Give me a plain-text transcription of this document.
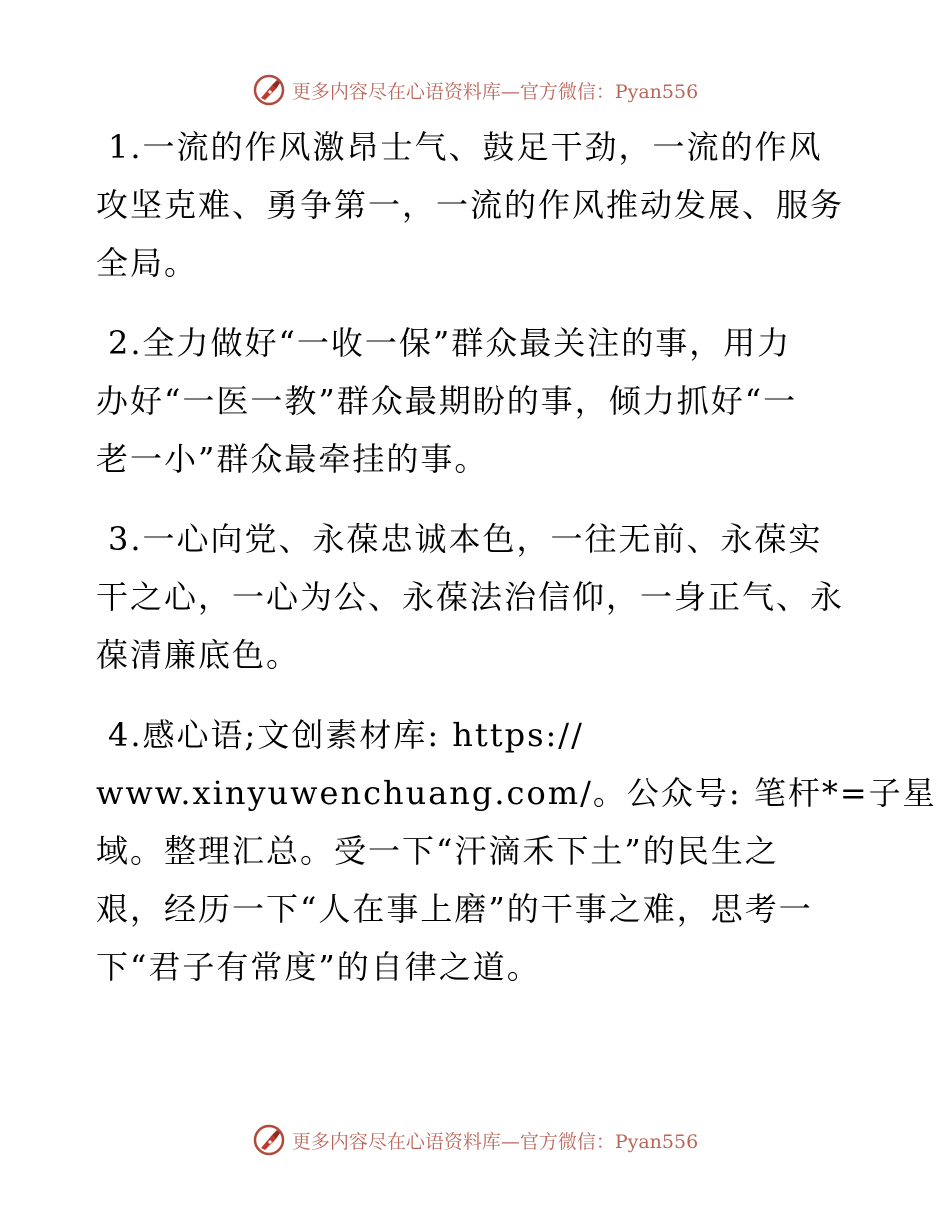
更多内容尽在心语资料库—官方微信：Pyan556
1.一流的作风激昂士气、鼓足干劲，一流的作风
攻坚克难、勇争第一，一流的作风推动发展、服务
全局。
2.全力做好“一收一保”群众最关注的事，用力
办好“一医一教”群众最期盼的事，倾力抓好“一
老一小”群众最牵挂的事。
3.一心向党、永葆忠诚本色，一往无前、永葆实
干之心，一心为公、永葆法治信仰，一身正气、永
葆清廉底色。
4.感心语;文创素材库: https://
www.xinyuwenchuang.com/。公众号: 笔杆*=子星
域。整理汇总。受一下“汗滴禾下土”的民生之
艰，经历一下“人在事上磨”的干事之难，思考一
下“君子有常度”的自律之道。
更多内容尽在心语资料库—官方微信：Pyan556
